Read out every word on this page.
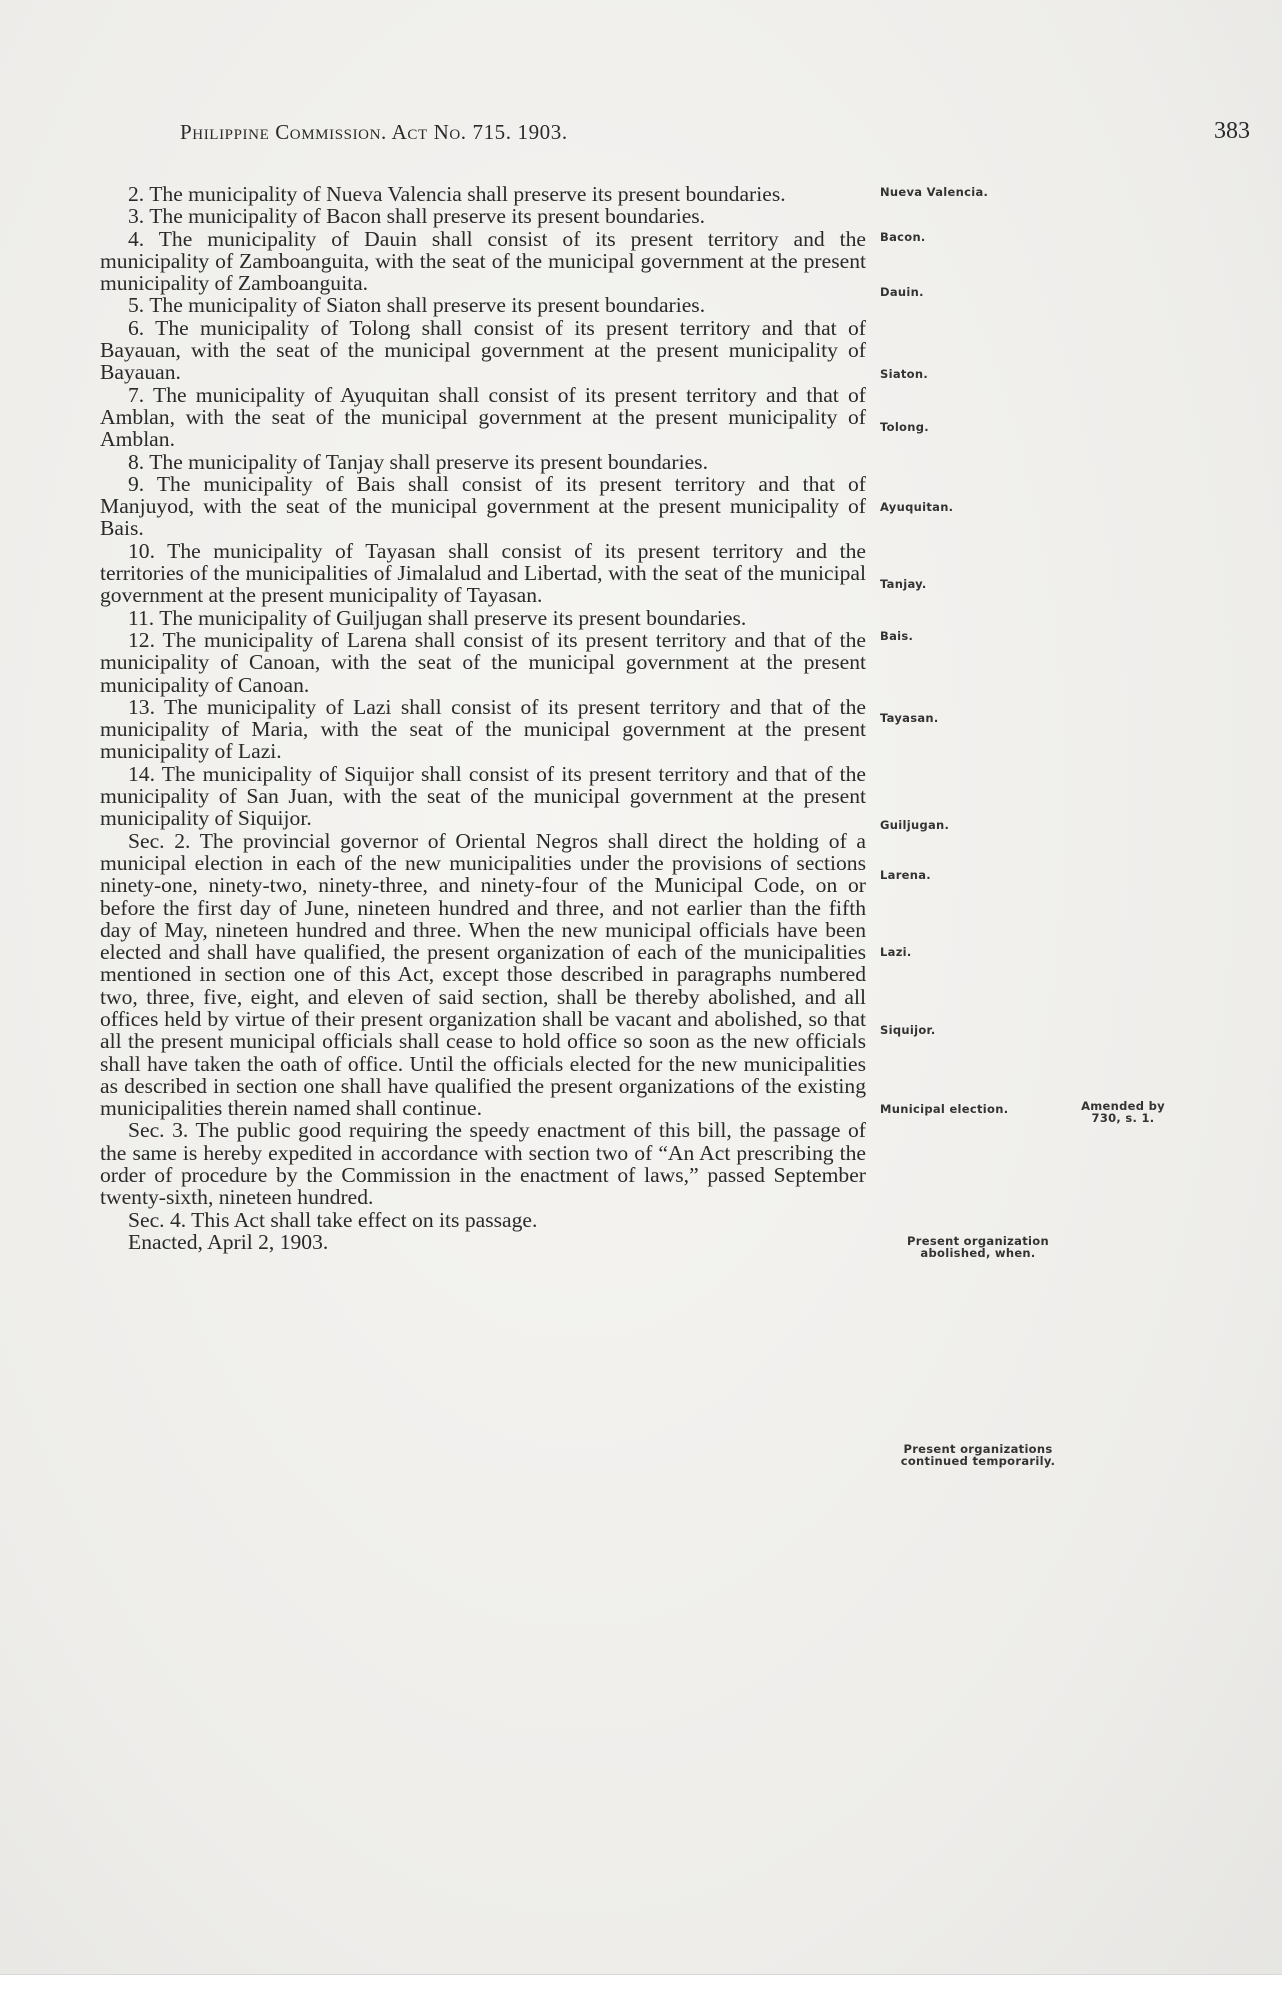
Philippine Commission. Act No. 715. 1903.	383

2. The municipality of Nueva Valencia shall preserve its present boundaries.

3. The municipality of Bacon shall preserve its present boundaries.

4. The municipality of Dauin shall consist of its present territory and the municipality of Zamboanguita, with the seat of the municipal government at the present municipality of Zamboanguita.

5. The municipality of Siaton shall preserve its present boundaries.

6. The municipality of Tolong shall consist of its present territory and that of Bayauan, with the seat of the municipal government at the present municipality of Bayauan.

7. The municipality of Ayuquitan shall consist of its present territory and that of Amblan, with the seat of the municipal government at the present municipality of Amblan.

8. The municipality of Tanjay shall preserve its present boundaries.

9. The municipality of Bais shall consist of its present territory and that of Manjuyod, with the seat of the municipal government at the present municipality of Bais.

10. The municipality of Tayasan shall consist of its present territory and the territories of the municipalities of Jimalalud and Libertad, with the seat of the municipal government at the present municipality of Tayasan.

11. The municipality of Guiljugan shall preserve its present boundaries.

12. The municipality of Larena shall consist of its present territory and that of the municipality of Canoan, with the seat of the municipal government at the present municipality of Canoan.

13. The municipality of Lazi shall consist of its present territory and that of the municipality of Maria, with the seat of the municipal government at the present municipality of Lazi.

14. The municipality of Siquijor shall consist of its present territory and that of the municipality of San Juan, with the seat of the municipal government at the present municipality of Siquijor.

Sec. 2. The provincial governor of Oriental Negros shall direct the holding of a municipal election in each of the new municipalities under the provisions of sections ninety-one, ninety-two, ninety-three, and ninety-four of the Municipal Code, on or before the first day of June, nineteen hundred and three, and not earlier than the fifth day of May, nineteen hundred and three. When the new municipal officials have been elected and shall have qualified, the present organization of each of the municipalities mentioned in section one of this Act, except those described in paragraphs numbered two, three, five, eight, and eleven of said section, shall be thereby abolished, and all offices held by virtue of their present organization shall be vacant and abolished, so that all the present municipal officials shall cease to hold office so soon as the new officials shall have taken the oath of office. Until the officials elected for the new municipalities as described in section one shall have qualified the present organizations of the existing municipalities therein named shall continue.

Sec. 3. The public good requiring the speedy enactment of this bill, the passage of the same is hereby expedited in accordance with section two of “An Act prescribing the order of procedure by the Commission in the enactment of laws,” passed September twenty-sixth, nineteen hundred.

Sec. 4. This Act shall take effect on its passage.

Enacted, April 2, 1903.

Nueva Valencia.
Bacon.
Dauin.
Siaton.
Tolong.
Ayuquitan.
Tanjay.
Bais.
Tayasan.
Guiljugan.
Larena.
Lazi.
Siquijor.
Municipal election.	Amended by 730, s. 1.
Present organization abolished, when.
Present organizations continued temporarily.
